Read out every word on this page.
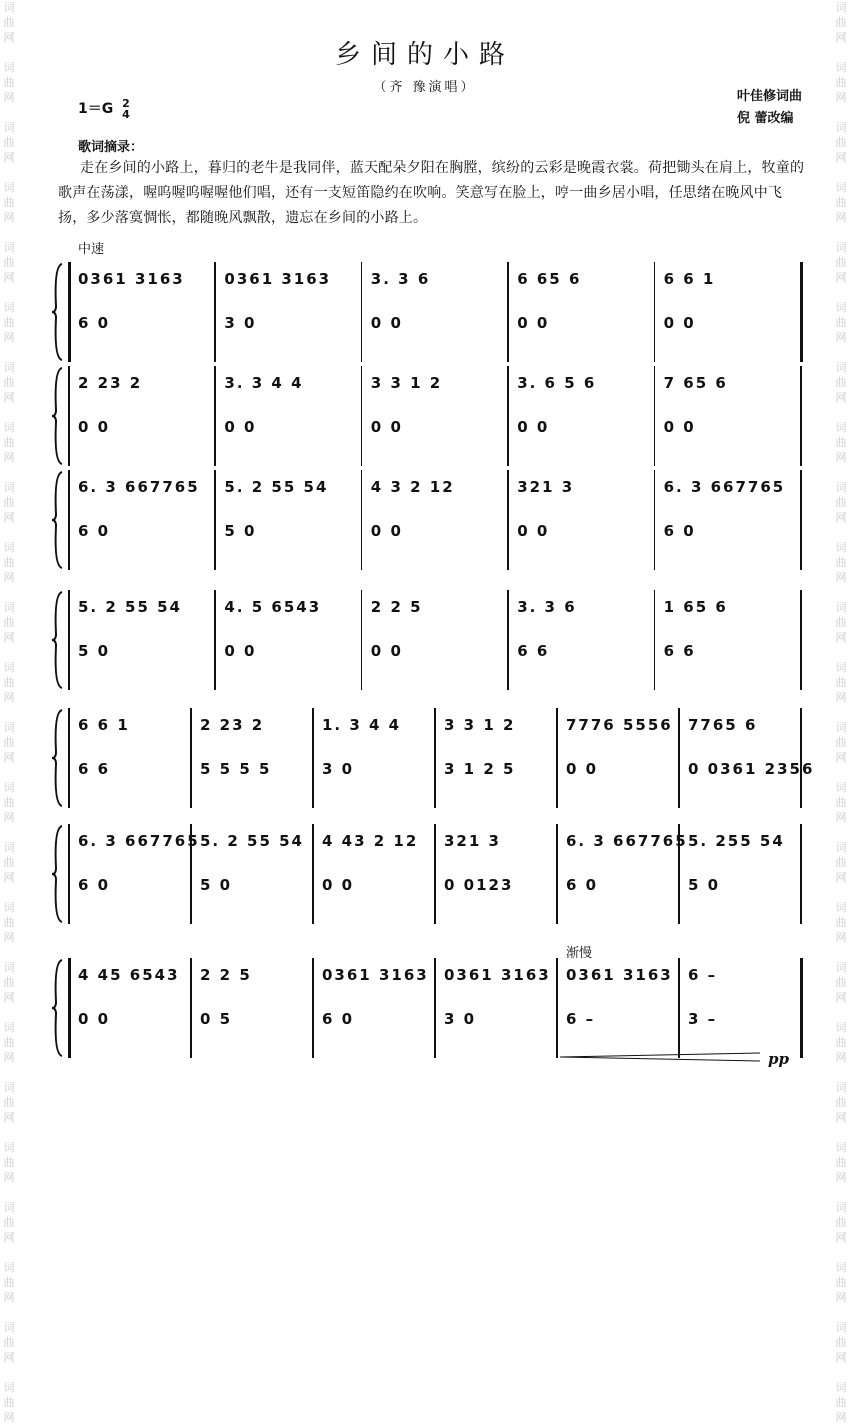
词
曲
网

词
曲
网

词
曲
网

词
曲
网

词
曲
网

词
曲
网

词
曲
网

词
曲
网

词
曲
网

词
曲
网

词
曲
网

词
曲
网

词
曲
网

词
曲
网

词
曲
网

词
曲
网

词
曲
网

词
曲
网

词
曲
网

词
曲
网

词
曲
网

词
曲
网

词
曲
网

词
曲
网

词
曲
网

词
曲
网

词
曲
网

词
曲
网

词
曲
网

词
曲
网

词
曲
网

词
曲
网

词
曲
网

词
曲
网

词
曲
网

词
曲
网

词
曲
网

词
曲
网

词
曲
网

词
曲
网

词
曲
网

词
曲
网

词
曲
网

词
曲
网

词
曲
网

词
曲
网

词
曲
网

词
曲
网

乡间的小路
（齐 豫演唱）
1＝G 2
4
叶佳修词曲
倪 蕾改编
歌词摘录：
走在乡间的小路上，暮归的老牛是我同伴，蓝天配朵夕阳在胸膛，缤纷的云彩是晚霞衣裳。荷把锄头在肩上，牧童的歌声在荡漾，喔呜喔呜喔喔他们唱，还有一支短笛隐约在吹响。笑意写在脸上，哼一曲乡居小唱，任思绪在晚风中飞扬，多少落寞惆怅，都随晚风飘散，遗忘在乡间的小路上。
中速
渐慢
pp
0361 3163
6 0
0361 3163
3 0
3. 3 6
0 0
6 65 6
0 0
6 6 1
0 0
2 23 2
0 0
3. 3 4 4
0 0
3 3 1 2
0 0
3. 6 5 6
0 0
7 65 6
0 0
6. 3 667765
6 0
5. 2 55 54
5 0
4 3 2 12
0 0
321 3
0 0
6. 3 667765
6 0
5. 2 55 54
5 0
4. 5 6543
0 0
2 2 5
0 0
3. 3 6
6 6
1 65 6
6 6
6 6 1
6 6
2 23 2
5 5 5 5
1. 3 4 4
3 0
3 3 1 2
3 1 2 5
7776 5556
0 0
7765 6
0 0361 2356
6. 3 667765
6 0
5. 2 55 54
5 0
4 43 2 12
0 0
321 3
0 0123
6. 3 667765
6 0
5. 255 54
5 0
4 45 6543
0 0
2 2 5
0 5
0361 3163
6 0
0361 3163
3 0
0361 3163
6 –
6 –
3 –
